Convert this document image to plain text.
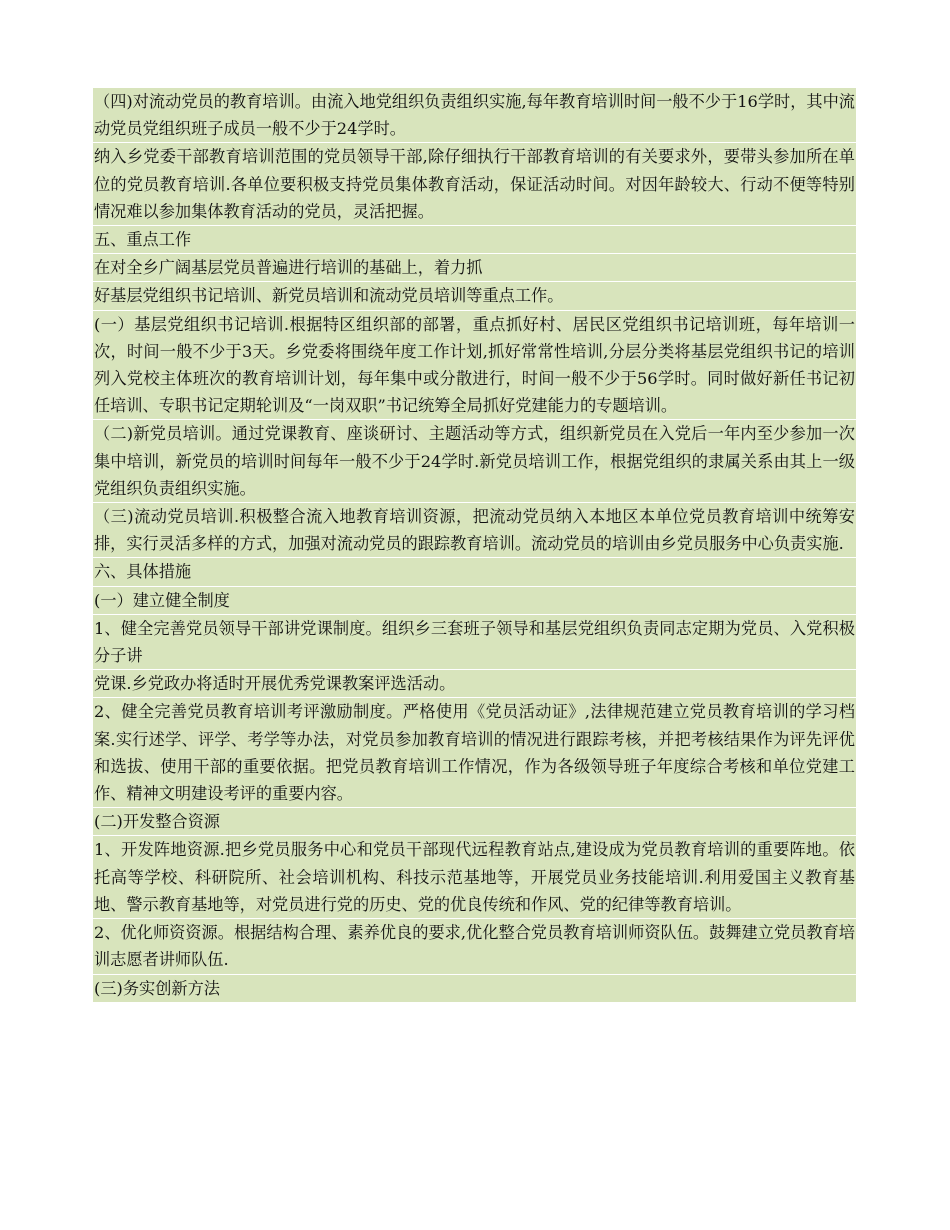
（四)对流动党员的教育培训。由流入地党组织负责组织实施,每年教育培训时间一般不少于16学时，其中流动党员党组织班子成员一般不少于24学时。

纳入乡党委干部教育培训范围的党员领导干部,除仔细执行干部教育培训的有关要求外，要带头参加所在单位的党员教育培训.各单位要积极支持党员集体教育活动，保证活动时间。对因年龄较大、行动不便等特别情况难以参加集体教育活动的党员，灵活把握。

五、重点工作

在对全乡广阔基层党员普遍进行培训的基础上，着力抓

好基层党组织书记培训、新党员培训和流动党员培训等重点工作。

(一）基层党组织书记培训.根据特区组织部的部署，重点抓好村、居民区党组织书记培训班，每年培训一次，时间一般不少于3天。乡党委将围绕年度工作计划,抓好常常性培训,分层分类将基层党组织书记的培训列入党校主体班次的教育培训计划，每年集中或分散进行，时间一般不少于56学时。同时做好新任书记初任培训、专职书记定期轮训及“一岗双职”书记统筹全局抓好党建能力的专题培训。

（二)新党员培训。通过党课教育、座谈研讨、主题活动等方式，组织新党员在入党后一年内至少参加一次集中培训，新党员的培训时间每年一般不少于24学时.新党员培训工作，根据党组织的隶属关系由其上一级党组织负责组织实施。

（三)流动党员培训.积极整合流入地教育培训资源，把流动党员纳入本地区本单位党员教育培训中统筹安排，实行灵活多样的方式，加强对流动党员的跟踪教育培训。流动党员的培训由乡党员服务中心负责实施.

六、具体措施

(一）建立健全制度

1、健全完善党员领导干部讲党课制度。组织乡三套班子领导和基层党组织负责同志定期为党员、入党积极分子讲

党课.乡党政办将适时开展优秀党课教案评选活动。

2、健全完善党员教育培训考评激励制度。严格使用《党员活动证》,法律规范建立党员教育培训的学习档案.实行述学、评学、考学等办法，对党员参加教育培训的情况进行跟踪考核，并把考核结果作为评先评优和选拔、使用干部的重要依据。把党员教育培训工作情况，作为各级领导班子年度综合考核和单位党建工作、精神文明建设考评的重要内容。

(二)开发整合资源

1、开发阵地资源.把乡党员服务中心和党员干部现代远程教育站点,建设成为党员教育培训的重要阵地。依托高等学校、科研院所、社会培训机构、科技示范基地等，开展党员业务技能培训.利用爱国主义教育基地、警示教育基地等，对党员进行党的历史、党的优良传统和作风、党的纪律等教育培训。

2、优化师资资源。根据结构合理、素养优良的要求,优化整合党员教育培训师资队伍。鼓舞建立党员教育培训志愿者讲师队伍.

(三)务实创新方法
